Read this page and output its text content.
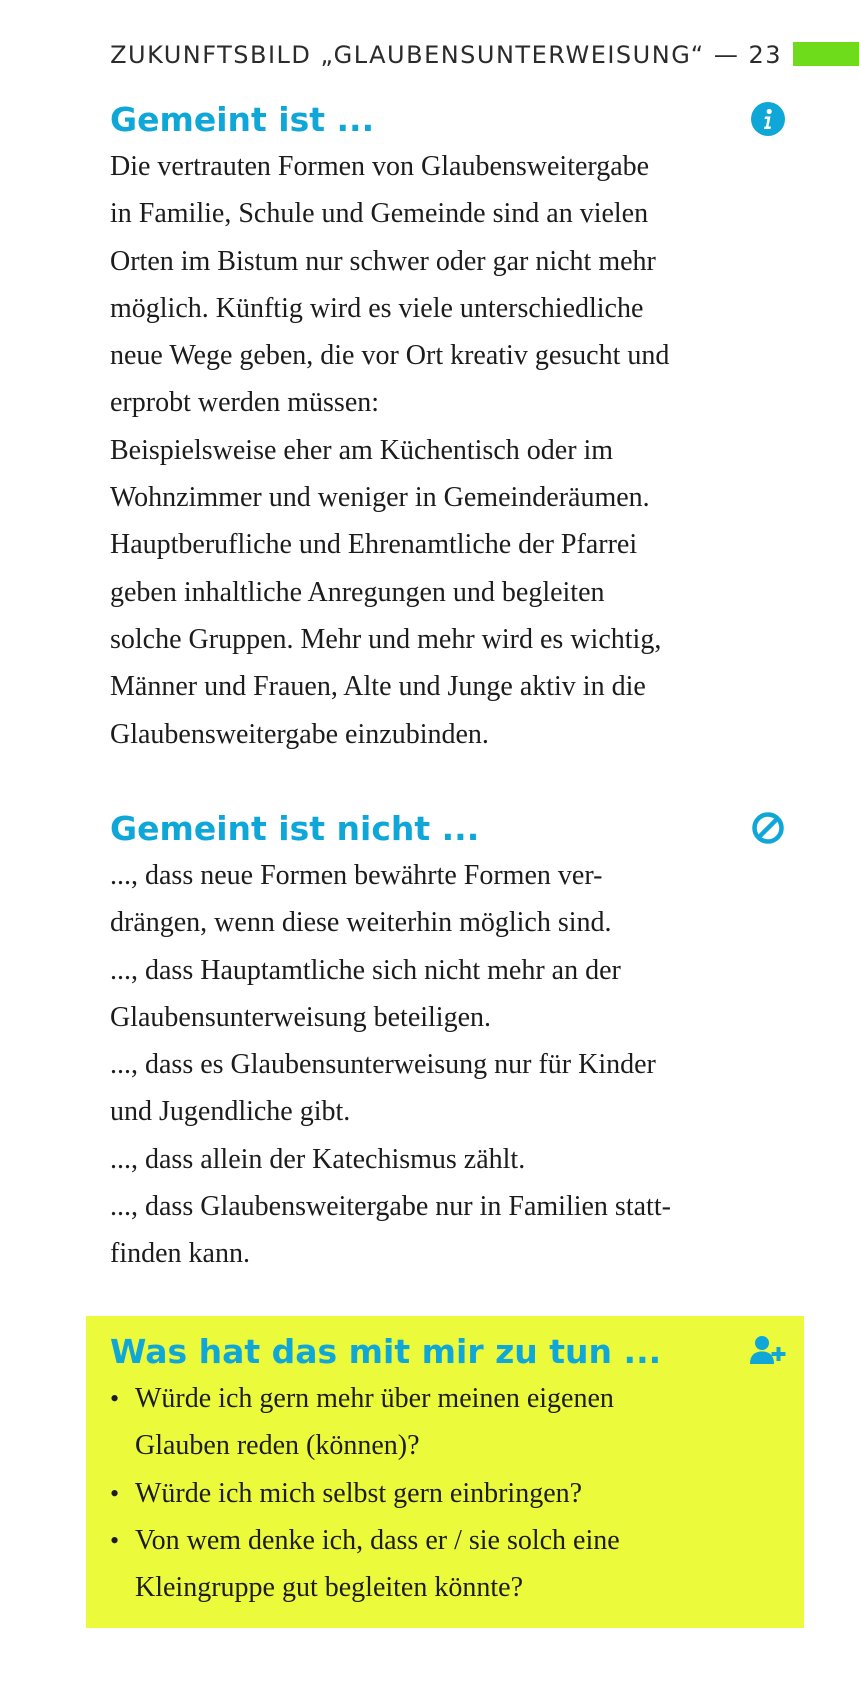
ZUKUNFTSBILD „GLAUBENSUNTERWEISUNG“ — 23
Gemeint ist ...

Die vertrauten Formen von Glaubensweitergabe

in Familie, Schule und Gemeinde sind an vielen

Orten im Bistum nur schwer oder gar nicht mehr

möglich. Künftig wird es viele unterschiedliche

neue Wege geben, die vor Ort kreativ gesucht und

erprobt werden müssen:

Beispielsweise eher am Küchentisch oder im

Wohnzimmer und weniger in Gemeinderäumen.

Hauptberufliche und Ehrenamtliche der Pfarrei

geben inhaltliche Anregungen und begleiten

solche Gruppen. Mehr und mehr wird es wichtig,

Männer und Frauen, Alte und Junge aktiv in die

Glaubensweitergabe einzubinden.

Gemeint ist nicht ...
..., dass neue Formen bewährte Formen ver-
drängen, wenn diese weiterhin möglich sind.
..., dass Hauptamtliche sich nicht mehr an der
Glaubensunterweisung beteiligen.
..., dass es Glaubensunterweisung nur für Kinder
und Jugendliche gibt.
..., dass allein der Katechismus zählt.
..., dass Glaubensweitergabe nur in Familien statt-
finden kann.
Was hat das mit mir zu tun ...
• Würde ich gern mehr über meinen eigenen
Glauben reden (können)?
• Würde ich mich selbst gern einbringen?
• Von wem denke ich, dass er / sie solch eine
Kleingruppe gut begleiten könnte?
